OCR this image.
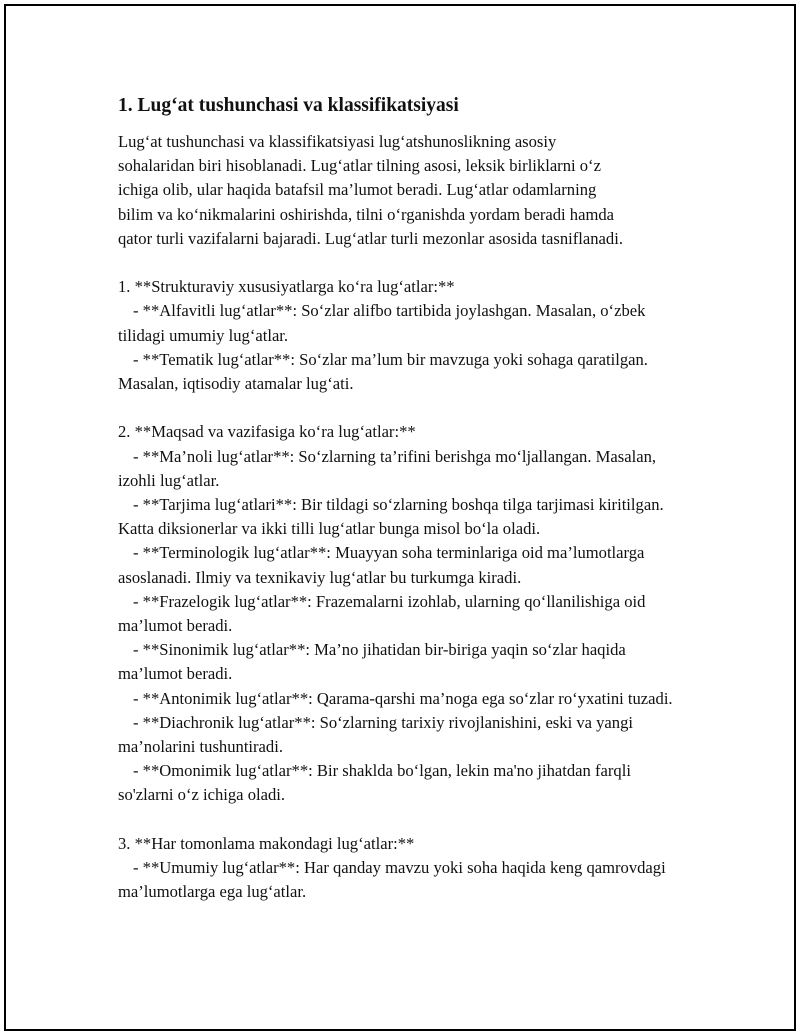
1. Lug‘at tushunchasi va klassifikatsiyasi

Lug‘at tushunchasi va klassifikatsiyasi lug‘atshunoslikning asosiy

sohalaridan biri hisoblanadi. Lug‘atlar tilning asosi, leksik birliklarni o‘z

ichiga olib, ular haqida batafsil ma’lumot beradi. Lug‘atlar odamlarning

bilim va ko‘nikmalarini oshirishda, tilni o‘rganishda yordam beradi hamda

qator turli vazifalarni bajaradi. Lug‘atlar turli mezonlar asosida tasniflanadi.

1. **Strukturaviy xususiyatlarga ko‘ra lug‘atlar:**

- **Alfavitli lug‘atlar**: So‘zlar alifbo tartibida joylashgan. Masalan, o‘zbek tilidagi umumiy lug‘atlar.

- **Tematik lug‘atlar**: So‘zlar ma’lum bir mavzuga yoki sohaga qaratilgan. Masalan, iqtisodiy atamalar lug‘ati.

2. **Maqsad va vazifasiga ko‘ra lug‘atlar:**

- **Ma’noli lug‘atlar**: So‘zlarning ta’rifini berishga mo‘ljallangan. Masalan, izohli lug‘atlar.

- **Tarjima lug‘atlari**: Bir tildagi so‘zlarning boshqa tilga tarjimasi kiritilgan. Katta diksionerlar va ikki tilli lug‘atlar bunga misol bo‘la oladi.

- **Terminologik lug‘atlar**: Muayyan soha terminlariga oid ma’lumotlarga asoslanadi. Ilmiy va texnikaviy lug‘atlar bu turkumga kiradi.

- **Frazelogik lug‘atlar**: Frazemalarni izohlab, ularning qo‘llanilishiga oid ma’lumot beradi.

- **Sinonimik lug‘atlar**: Ma’no jihatidan bir-biriga yaqin so‘zlar haqida ma’lumot beradi.

- **Antonimik lug‘atlar**: Qarama-qarshi ma’noga ega so‘zlar ro‘yxatini tuzadi.

- **Diachronik lug‘atlar**: So‘zlarning tarixiy rivojlanishini, eski va yangi ma’nolarini tushuntiradi.

- **Omonimik lug‘atlar**: Bir shaklda bo‘lgan, lekin ma'no jihatdan farqli so'zlarni o‘z ichiga oladi.

3. **Har tomonlama makondagi lug‘atlar:**

- **Umumiy lug‘atlar**: Har qanday mavzu yoki soha haqida keng qamrovdagi ma’lumotlarga ega lug‘atlar.
